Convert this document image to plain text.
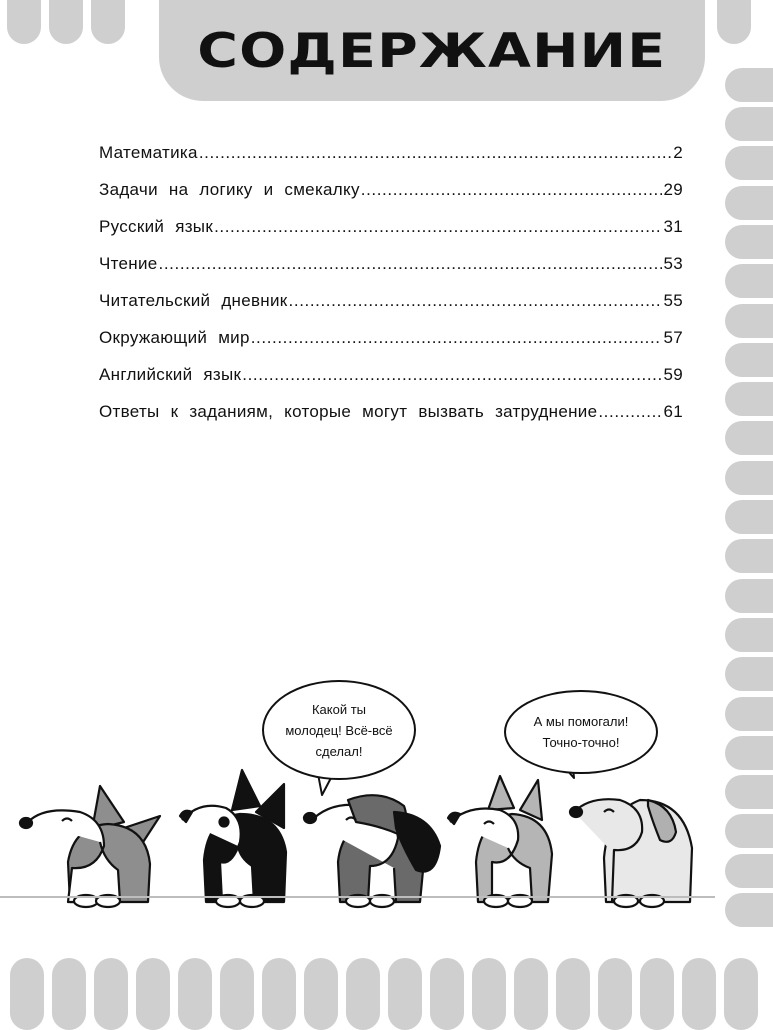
СОДЕРЖАНИЕ
Математика .....	2
Задачи на логику и смекалку .....	29
Русский язык .....	31
Чтение .....	53
Читательский дневник .....	55
Окружающий мир .....	57
Английский язык .....	59
Ответы к заданиям, которые могут вызвать затруднение .....	61
Какой ты
молодец! Всё-всё
сделал!
А мы помогали!
Точно-точно!
